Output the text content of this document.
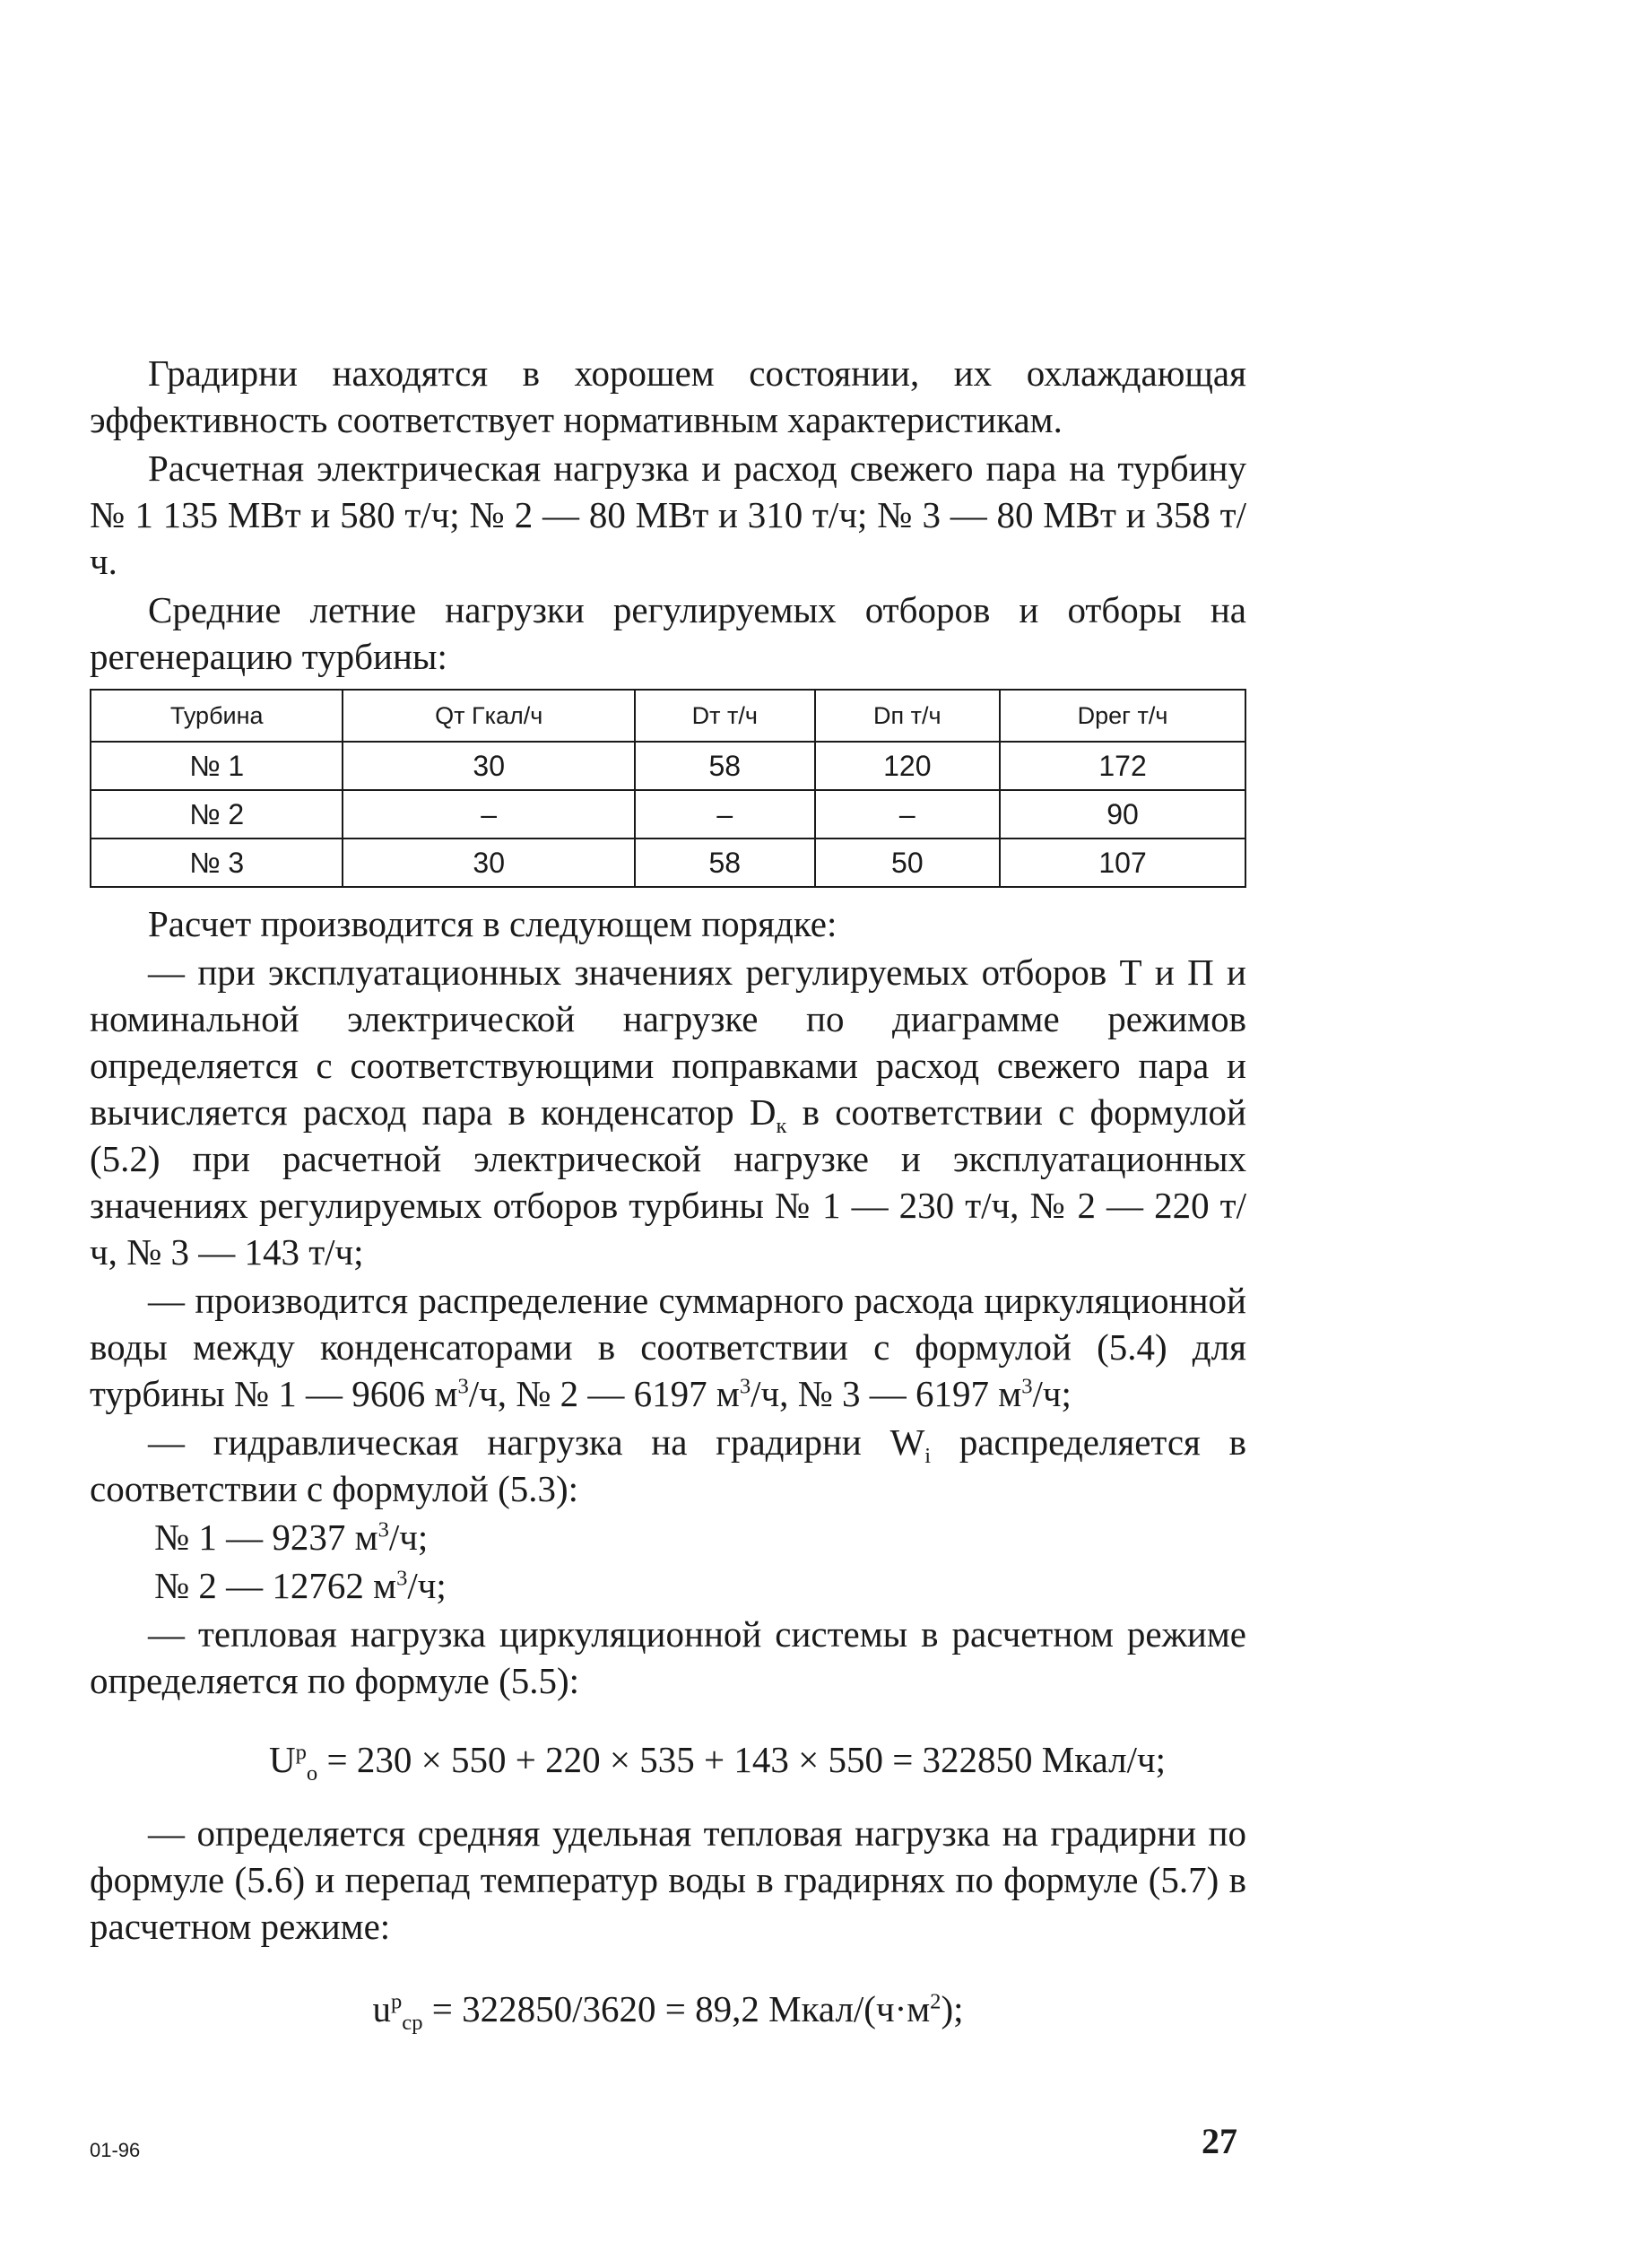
Градирни находятся в хорошем состоянии, их охлаждающая эффективность соответствует нормативным характеристикам.

Расчетная электрическая нагрузка и расход свежего пара на турбину № 1 135 МВт и 580 т/ч; № 2 — 80 МВт и 310 т/ч; № 3 — 80 МВт и 358 т/ч.

Средние летние нагрузки регулируемых отборов и отборы на регенерацию турбины:

Турбина	Qт Гкал/ч	Dт т/ч	Dп т/ч	Dрег т/ч
№ 1	30	58	120	172
№ 2	–	–	–	90
№ 3	30	58	50	107

Расчет производится в следующем порядке:

— при эксплуатационных значениях регулируемых отборов Т и П и номинальной электрической нагрузке по диаграмме режимов определяется с соответствующими поправками расход свежего пара и вычисляется расход пара в конденсатор $D_к$ в соответствии с формулой (5.2) при расчетной электрической нагрузке и эксплуатационных значениях регулируемых отборов турбины № 1 — 230 т/ч, № 2 — 220 т/ч, № 3 — 143 т/ч;

— производится распределение суммарного расхода циркуляционной воды между конденсаторами в соответствии с формулой (5.4) для турбины № 1 — 9606 $м^3/ч$, № 2 — 6197 $м^3/ч$, № 3 — 6197 $м^3/ч$;

— гидравлическая нагрузка на градирни $W_i$ распределяется в соответствии с формулой (5.3):

№ 1 — 9237 $м^3/ч$;

№ 2 — 12762 $м^3/ч$;

— тепловая нагрузка циркуляционной системы в расчетном режиме определяется по формуле (5.5):

$U^р_о = 230 \times 550 + 220 \times 535 + 143 \times 550 = 322850$ Мкал/ч;

— определяется средняя удельная тепловая нагрузка на градирни по формуле (5.6) и перепад температур воды в градирнях по формуле (5.7) в расчетном режиме:

$u^р_{ср} = 322850/3620 = 89,2$ Мкал/$(ч\cdot м^2)$;

01-96	27
